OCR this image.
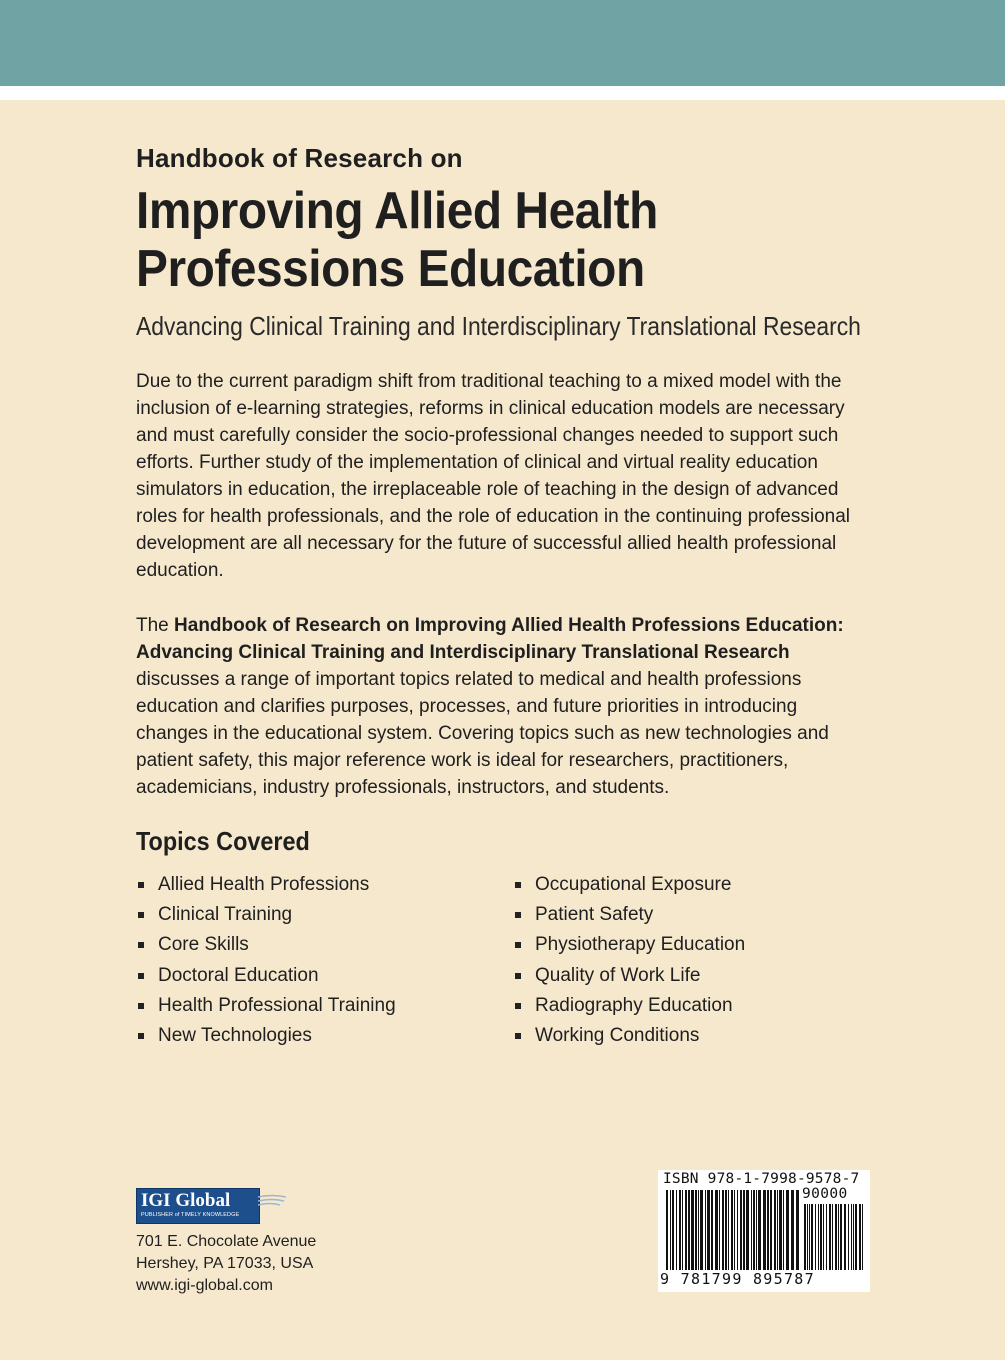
Handbook of Research on
Improving Allied Health
Professions Education
Advancing Clinical Training and Interdisciplinary Translational Research

Due to the current paradigm shift from traditional teaching to a mixed model with the inclusion of e-learning strategies, reforms in clinical education models are necessary and must carefully consider the socio-professional changes needed to support such efforts. Further study of the implementation of clinical and virtual reality education simulators in education, the irreplaceable role of teaching in the design of advanced roles for health professionals, and the role of education in the continuing professional development are all necessary for the future of successful allied health professional education.

The Handbook of Research on Improving Allied Health Professions Education: Advancing Clinical Training and Interdisciplinary Translational Research discusses a range of important topics related to medical and health professions education and clarifies purposes, processes, and future priorities in introducing changes in the educational system. Covering topics such as new technologies and patient safety, this major reference work is ideal for researchers, practitioners, academicians, industry professionals, instructors, and students.

Topics Covered
Allied Health Professions
Clinical Training
Core Skills
Doctoral Education
Health Professional Training
New Technologies
Occupational Exposure
Patient Safety
Physiotherapy Education
Quality of Work Life
Radiography Education
Working Conditions
IGI Global
PUBLISHER of TIMELY KNOWLEDGE
701 E. Chocolate Avenue
Hershey, PA 17033, USA
www.igi-global.com
ISBN 978-1-7998-9578-7
90000
9 781799 895787
